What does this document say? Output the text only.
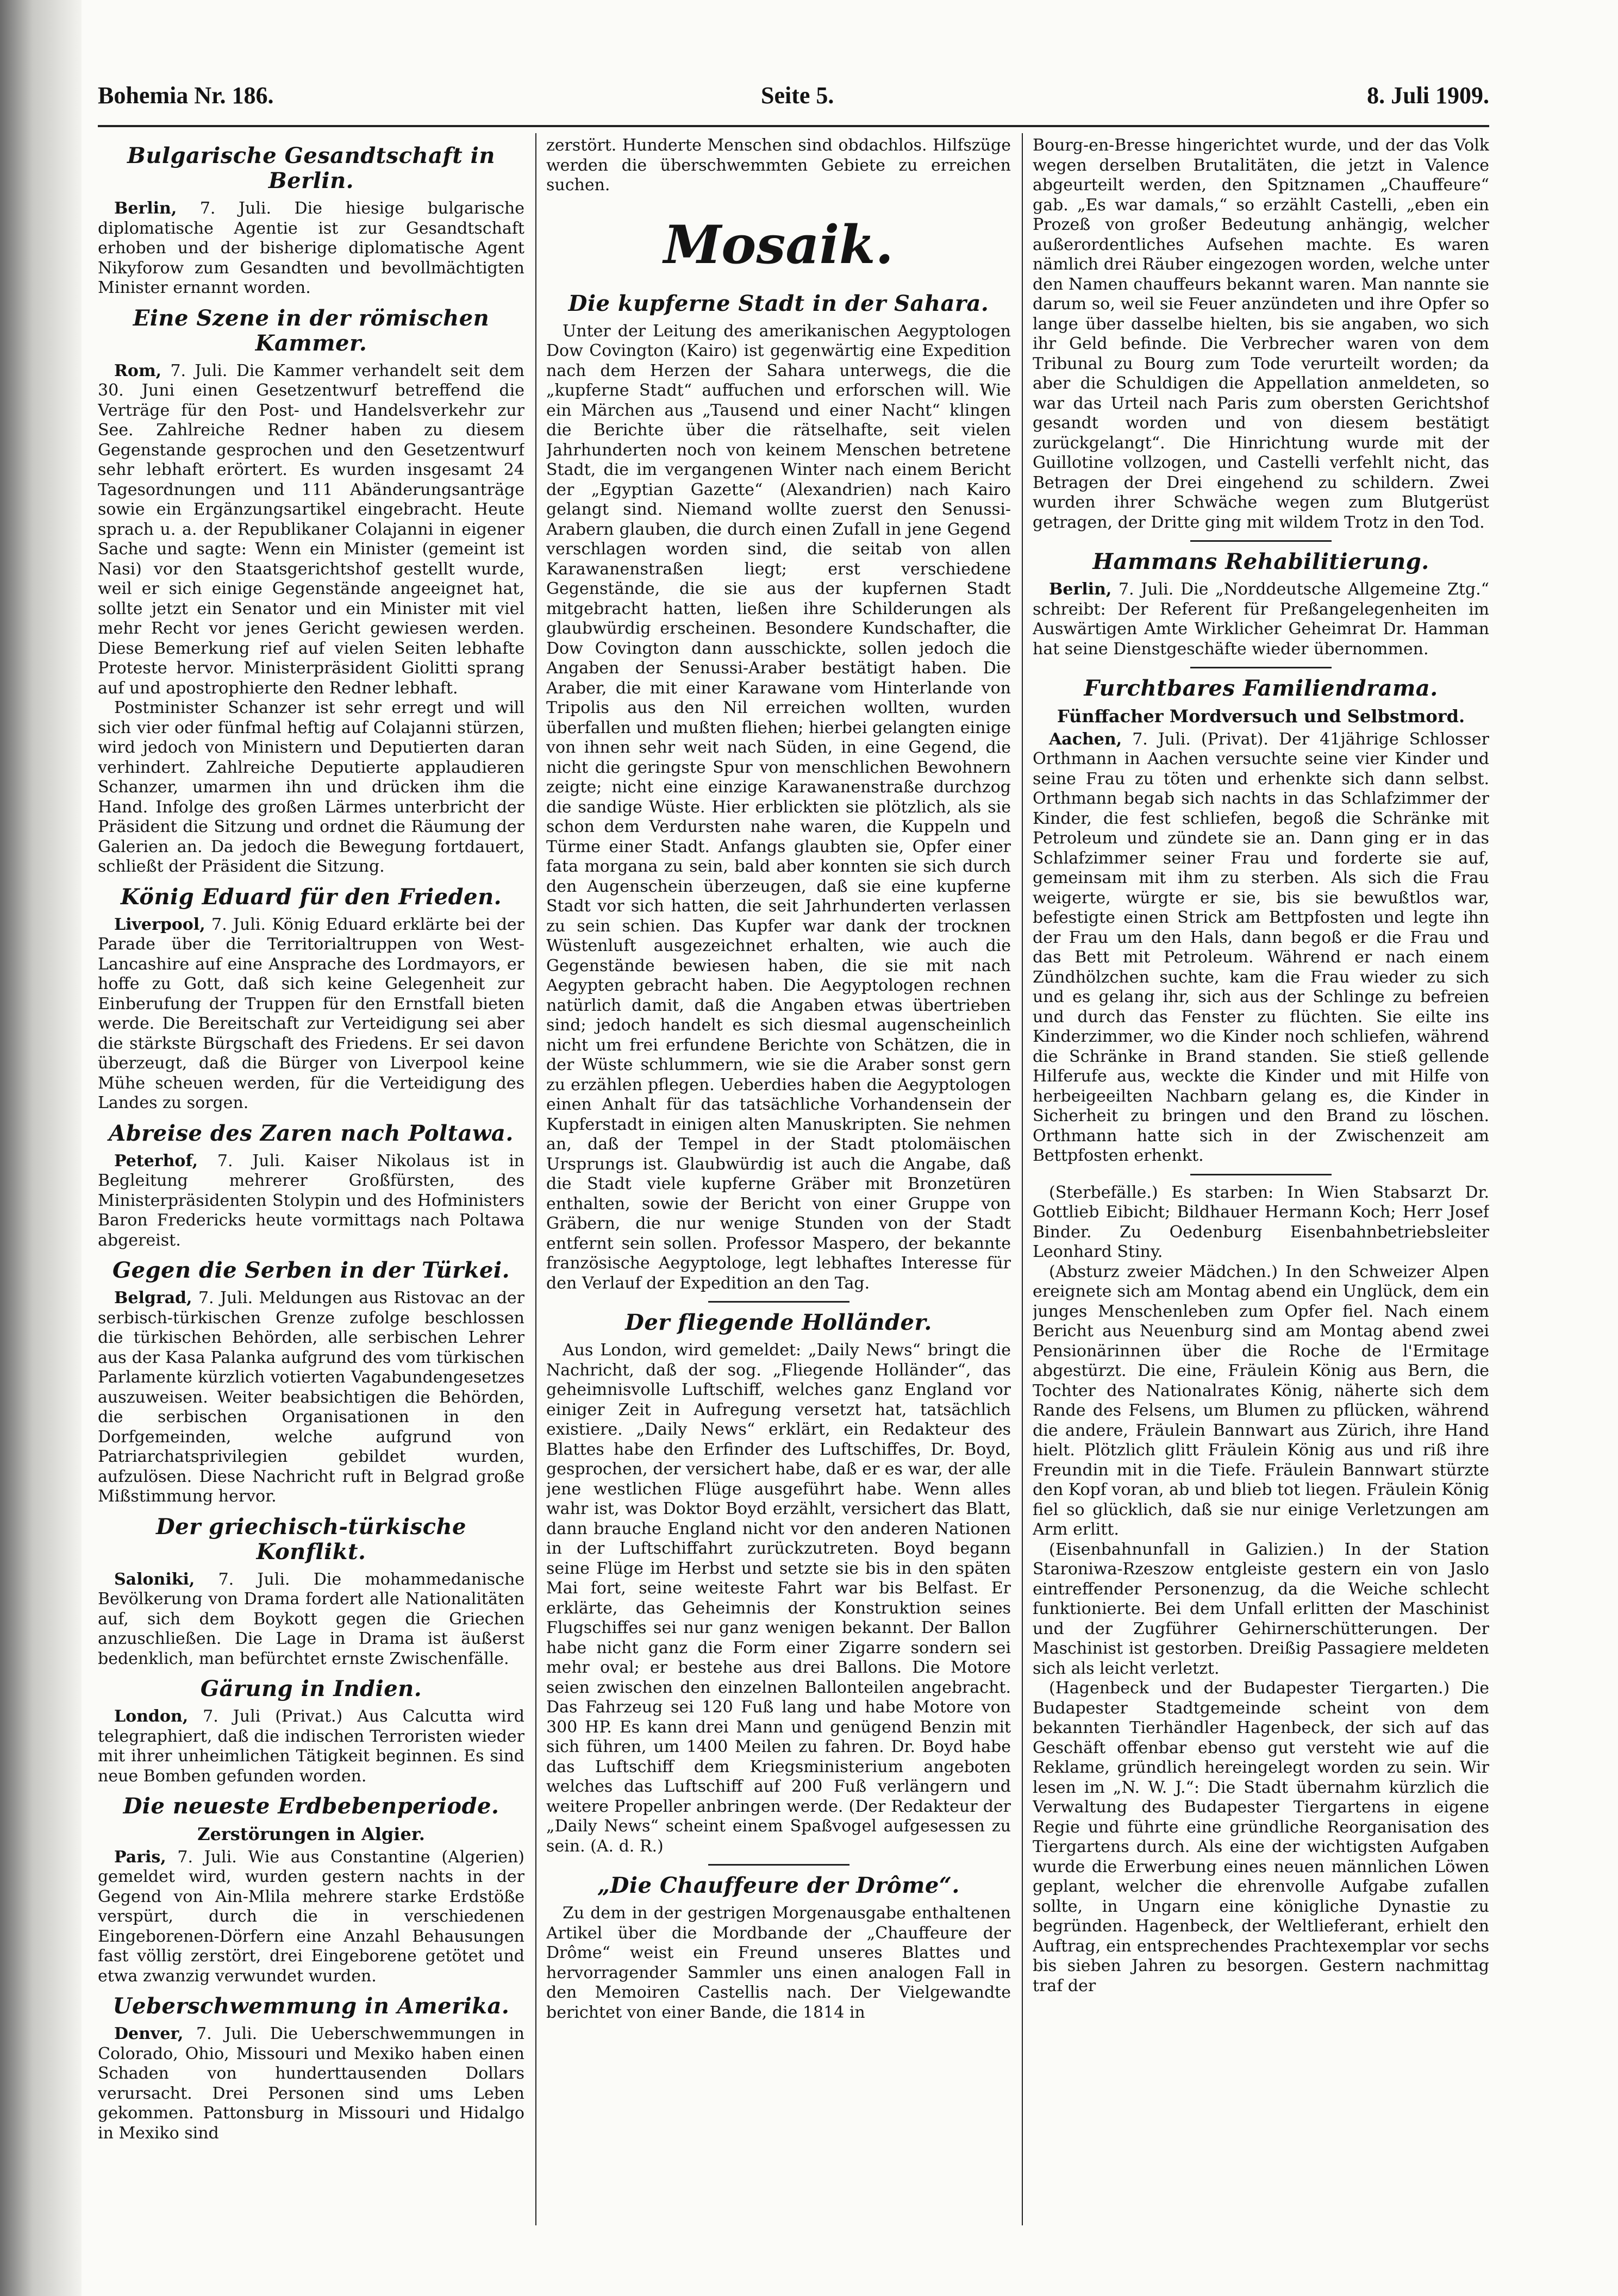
Bohemia Nr. 186.	Seite 5.	8. Juli 1909.
Bulgarische Gesandtschaft in Berlin.

Berlin, 7. Juli. Die hiesige bulgarische diplomatische Agentie ist zur Gesandtschaft erhoben und der bisherige diplomatische Agent Nikyforow zum Gesandten und bevollmächtigten Minister ernannt worden.

Eine Szene in der römischen Kammer.

Rom, 7. Juli. Die Kammer verhandelt seit dem 30. Juni einen Gesetzentwurf betreffend die Verträge für den Post- und Handelsverkehr zur See. Zahlreiche Redner haben zu diesem Gegenstande gesprochen und den Gesetzentwurf sehr lebhaft erörtert. Es wurden insgesamt 24 Tagesordnungen und 111 Abänderungsanträge sowie ein Ergänzungsartikel eingebracht. Heute sprach u. a. der Republikaner Colajanni in eigener Sache und sagte: Wenn ein Minister (gemeint ist Nasi) vor den Staatsgerichtshof gestellt wurde, weil er sich einige Gegenstände angeeignet hat, sollte jetzt ein Senator und ein Minister mit viel mehr Recht vor jenes Gericht gewiesen werden. Diese Bemerkung rief auf vielen Seiten lebhafte Proteste hervor. Ministerpräsident Giolitti sprang auf und apostrophierte den Redner lebhaft.

Postminister Schanzer ist sehr erregt und will sich vier oder fünfmal heftig auf Colajanni stürzen, wird jedoch von Ministern und Deputierten daran verhindert. Zahlreiche Deputierte applaudieren Schanzer, umarmen ihn und drücken ihm die Hand. Infolge des großen Lärmes unterbricht der Präsident die Sitzung und ordnet die Räumung der Galerien an. Da jedoch die Bewegung fortdauert, schließt der Präsident die Sitzung.

König Eduard für den Frieden.

Liverpool, 7. Juli. König Eduard erklärte bei der Parade über die Territorialtruppen von West-Lancashire auf eine Ansprache des Lordmayors, er hoffe zu Gott, daß sich keine Gelegenheit zur Einberufung der Truppen für den Ernstfall bieten werde. Die Bereitschaft zur Verteidigung sei aber die stärkste Bürgschaft des Friedens. Er sei davon überzeugt, daß die Bürger von Liverpool keine Mühe scheuen werden, für die Verteidigung des Landes zu sorgen.

Abreise des Zaren nach Poltawa.

Peterhof, 7. Juli. Kaiser Nikolaus ist in Begleitung mehrerer Großfürsten, des Ministerpräsidenten Stolypin und des Hofministers Baron Fredericks heute vormittags nach Poltawa abgereist.

Gegen die Serben in der Türkei.

Belgrad, 7. Juli. Meldungen aus Ristovac an der serbisch-türkischen Grenze zufolge beschlossen die türkischen Behörden, alle serbischen Lehrer aus der Kasa Palanka aufgrund des vom türkischen Parlamente kürzlich votierten Vagabundengesetzes auszuweisen. Weiter beabsichtigen die Behörden, die serbischen Organisationen in den Dorfgemeinden, welche aufgrund von Patriarchatsprivilegien gebildet wurden, aufzulösen. Diese Nachricht ruft in Belgrad große Mißstimmung hervor.

Der griechisch-türkische Konflikt.

Saloniki, 7. Juli. Die mohammedanische Bevölkerung von Drama fordert alle Nationalitäten auf, sich dem Boykott gegen die Griechen anzuschließen. Die Lage in Drama ist äußerst bedenklich, man befürchtet ernste Zwischenfälle.

Gärung in Indien.

London, 7. Juli (Privat.) Aus Calcutta wird telegraphiert, daß die indischen Terroristen wieder mit ihrer unheimlichen Tätigkeit beginnen. Es sind neue Bomben gefunden worden.

Die neueste Erdbebenperiode.
Zerstörungen in Algier.

Paris, 7. Juli. Wie aus Constantine (Algerien) gemeldet wird, wurden gestern nachts in der Gegend von Ain-Mlila mehrere starke Erdstöße verspürt, durch die in verschiedenen Eingeborenen-Dörfern eine Anzahl Behausungen fast völlig zerstört, drei Eingeborene getötet und etwa zwanzig verwundet wurden.

Ueberschwemmung in Amerika.

Denver, 7. Juli. Die Ueberschwemmungen in Colorado, Ohio, Missouri und Mexiko haben einen Schaden von hunderttausenden Dollars verursacht. Drei Personen sind ums Leben gekommen. Pattonsburg in Missouri und Hidalgo in Mexiko sind

zerstört. Hunderte Menschen sind obdachlos. Hilfszüge werden die überschwemmten Gebiete zu erreichen suchen.

Mosaik.
Die kupferne Stadt in der Sahara.

Unter der Leitung des amerikanischen Aegyptologen Dow Covington (Kairo) ist gegenwärtig eine Expedition nach dem Herzen der Sahara unterwegs, die die „kupferne Stadt“ auffuchen und erforschen will. Wie ein Märchen aus „Tausend und einer Nacht“ klingen die Berichte über die rätselhafte, seit vielen Jahrhunderten noch von keinem Menschen betretene Stadt, die im vergangenen Winter nach einem Bericht der „Egyptian Gazette“ (Alexandrien) nach Kairo gelangt sind. Niemand wollte zuerst den Senussi-Arabern glauben, die durch einen Zufall in jene Gegend verschlagen worden sind, die seitab von allen Karawanenstraßen liegt; erst verschiedene Gegenstände, die sie aus der kupfernen Stadt mitgebracht hatten, ließen ihre Schilderungen als glaubwürdig erscheinen. Besondere Kundschafter, die Dow Covington dann ausschickte, sollen jedoch die Angaben der Senussi-Araber bestätigt haben. Die Araber, die mit einer Karawane vom Hinterlande von Tripolis aus den Nil erreichen wollten, wurden überfallen und mußten fliehen; hierbei gelangten einige von ihnen sehr weit nach Süden, in eine Gegend, die nicht die geringste Spur von menschlichen Bewohnern zeigte; nicht eine einzige Karawanenstraße durchzog die sandige Wüste. Hier erblickten sie plötzlich, als sie schon dem Verdursten nahe waren, die Kuppeln und Türme einer Stadt. Anfangs glaubten sie, Opfer einer fata morgana zu sein, bald aber konnten sie sich durch den Augenschein überzeugen, daß sie eine kupferne Stadt vor sich hatten, die seit Jahrhunderten verlassen zu sein schien. Das Kupfer war dank der trocknen Wüstenluft ausgezeichnet erhalten, wie auch die Gegenstände bewiesen haben, die sie mit nach Aegypten gebracht haben. Die Aegyptologen rechnen natürlich damit, daß die Angaben etwas übertrieben sind; jedoch handelt es sich diesmal augenscheinlich nicht um frei erfundene Berichte von Schätzen, die in der Wüste schlummern, wie sie die Araber sonst gern zu erzählen pflegen. Ueberdies haben die Aegyptologen einen Anhalt für das tatsächliche Vorhandensein der Kupferstadt in einigen alten Manuskripten. Sie nehmen an, daß der Tempel in der Stadt ptolomäischen Ursprungs ist. Glaubwürdig ist auch die Angabe, daß die Stadt viele kupferne Gräber mit Bronzetüren enthalten, sowie der Bericht von einer Gruppe von Gräbern, die nur wenige Stunden von der Stadt entfernt sein sollen. Professor Maspero, der bekannte französische Aegyptologe, legt lebhaftes Interesse für den Verlauf der Expedition an den Tag.

Der fliegende Holländer.

Aus London, wird gemeldet: „Daily News“ bringt die Nachricht, daß der sog. „Fliegende Holländer“, das geheimnisvolle Luftschiff, welches ganz England vor einiger Zeit in Aufregung versetzt hat, tatsächlich existiere. „Daily News“ erklärt, ein Redakteur des Blattes habe den Erfinder des Luftschiffes, Dr. Boyd, gesprochen, der versichert habe, daß er es war, der alle jene westlichen Flüge ausgeführt habe. Wenn alles wahr ist, was Doktor Boyd erzählt, versichert das Blatt, dann brauche England nicht vor den anderen Nationen in der Luftschiffahrt zurückzutreten. Boyd begann seine Flüge im Herbst und setzte sie bis in den späten Mai fort, seine weiteste Fahrt war bis Belfast. Er erklärte, das Geheimnis der Konstruktion seines Flugschiffes sei nur ganz wenigen bekannt. Der Ballon habe nicht ganz die Form einer Zigarre sondern sei mehr oval; er bestehe aus drei Ballons. Die Motore seien zwischen den einzelnen Ballonteilen angebracht. Das Fahrzeug sei 120 Fuß lang und habe Motore von 300 HP. Es kann drei Mann und genügend Benzin mit sich führen, um 1400 Meilen zu fahren. Dr. Boyd habe das Luftschiff dem Kriegsministerium angeboten welches das Luftschiff auf 200 Fuß verlängern und weitere Propeller anbringen werde. (Der Redakteur der „Daily News“ scheint einem Spaßvogel aufgesessen zu sein. (A. d. R.)

„Die Chauffeure der Drôme“.

Zu dem in der gestrigen Morgenausgabe enthaltenen Artikel über die Mordbande der „Chauffeure der Drôme“ weist ein Freund unseres Blattes und hervorragender Sammler uns einen analogen Fall in den Memoiren Castellis nach. Der Vielgewandte berichtet von einer Bande, die 1814 in

Bourg-en-Bresse hingerichtet wurde, und der das Volk wegen derselben Brutalitäten, die jetzt in Valence abgeurteilt werden, den Spitznamen „Chauffeure“ gab. „Es war damals,“ so erzählt Castelli, „eben ein Prozeß von großer Bedeutung anhängig, welcher außerordentliches Aufsehen machte. Es waren nämlich drei Räuber eingezogen worden, welche unter den Namen chauffeurs bekannt waren. Man nannte sie darum so, weil sie Feuer anzündeten und ihre Opfer so lange über dasselbe hielten, bis sie angaben, wo sich ihr Geld befinde. Die Verbrecher waren von dem Tribunal zu Bourg zum Tode verurteilt worden; da aber die Schuldigen die Appellation anmeldeten, so war das Urteil nach Paris zum obersten Gerichtshof gesandt worden und von diesem bestätigt zurückgelangt“. Die Hinrichtung wurde mit der Guillotine vollzogen, und Castelli verfehlt nicht, das Betragen der Drei eingehend zu schildern. Zwei wurden ihrer Schwäche wegen zum Blutgerüst getragen, der Dritte ging mit wildem Trotz in den Tod.

Hammans Rehabilitierung.

Berlin, 7. Juli. Die „Norddeutsche Allgemeine Ztg.“ schreibt: Der Referent für Preßangelegenheiten im Auswärtigen Amte Wirklicher Geheimrat Dr. Hamman hat seine Dienstgeschäfte wieder übernommen.

Furchtbares Familiendrama.
Fünffacher Mordversuch und Selbstmord.

Aachen, 7. Juli. (Privat). Der 41jährige Schlosser Orthmann in Aachen versuchte seine vier Kinder und seine Frau zu töten und erhenkte sich dann selbst. Orthmann begab sich nachts in das Schlafzimmer der Kinder, die fest schliefen, begoß die Schränke mit Petroleum und zündete sie an. Dann ging er in das Schlafzimmer seiner Frau und forderte sie auf, gemeinsam mit ihm zu sterben. Als sich die Frau weigerte, würgte er sie, bis sie bewußtlos war, befestigte einen Strick am Bettpfosten und legte ihn der Frau um den Hals, dann begoß er die Frau und das Bett mit Petroleum. Während er nach einem Zündhölzchen suchte, kam die Frau wieder zu sich und es gelang ihr, sich aus der Schlinge zu befreien und durch das Fenster zu flüchten. Sie eilte ins Kinderzimmer, wo die Kinder noch schliefen, während die Schränke in Brand standen. Sie stieß gellende Hilferufe aus, weckte die Kinder und mit Hilfe von herbeigeeilten Nachbarn gelang es, die Kinder in Sicherheit zu bringen und den Brand zu löschen. Orthmann hatte sich in der Zwischenzeit am Bettpfosten erhenkt.

(Sterbefälle.) Es starben: In Wien Stabsarzt Dr. Gottlieb Eibicht; Bildhauer Hermann Koch; Herr Josef Binder. Zu Oedenburg Eisenbahnbetriebsleiter Leonhard Stiny.

(Absturz zweier Mädchen.) In den Schweizer Alpen ereignete sich am Montag abend ein Unglück, dem ein junges Menschenleben zum Opfer fiel. Nach einem Bericht aus Neuenburg sind am Montag abend zwei Pensionärinnen über die Roche de l'Ermitage abgestürzt. Die eine, Fräulein König aus Bern, die Tochter des Nationalrates König, näherte sich dem Rande des Felsens, um Blumen zu pflücken, während die andere, Fräulein Bannwart aus Zürich, ihre Hand hielt. Plötzlich glitt Fräulein König aus und riß ihre Freundin mit in die Tiefe. Fräulein Bannwart stürzte den Kopf voran, ab und blieb tot liegen. Fräulein König fiel so glücklich, daß sie nur einige Verletzungen am Arm erlitt.

(Eisenbahnunfall in Galizien.) In der Station Staroniwa-Rzeszow entgleiste gestern ein von Jaslo eintreffender Personenzug, da die Weiche schlecht funktionierte. Bei dem Unfall erlitten der Maschinist und der Zugführer Gehirnerschütterungen. Der Maschinist ist gestorben. Dreißig Passagiere meldeten sich als leicht verletzt.

(Hagenbeck und der Budapester Tiergarten.) Die Budapester Stadtgemeinde scheint von dem bekannten Tierhändler Hagenbeck, der sich auf das Geschäft offenbar ebenso gut versteht wie auf die Reklame, gründlich hereingelegt worden zu sein. Wir lesen im „N. W. J.“: Die Stadt übernahm kürzlich die Verwaltung des Budapester Tiergartens in eigene Regie und führte eine gründliche Reorganisation des Tiergartens durch. Als eine der wichtigsten Aufgaben wurde die Erwerbung eines neuen männlichen Löwen geplant, welcher die ehrenvolle Aufgabe zufallen sollte, in Ungarn eine königliche Dynastie zu begründen. Hagenbeck, der Weltlieferant, erhielt den Auftrag, ein entsprechendes Prachtexemplar vor sechs bis sieben Jahren zu besorgen. Gestern nachmittag traf der
